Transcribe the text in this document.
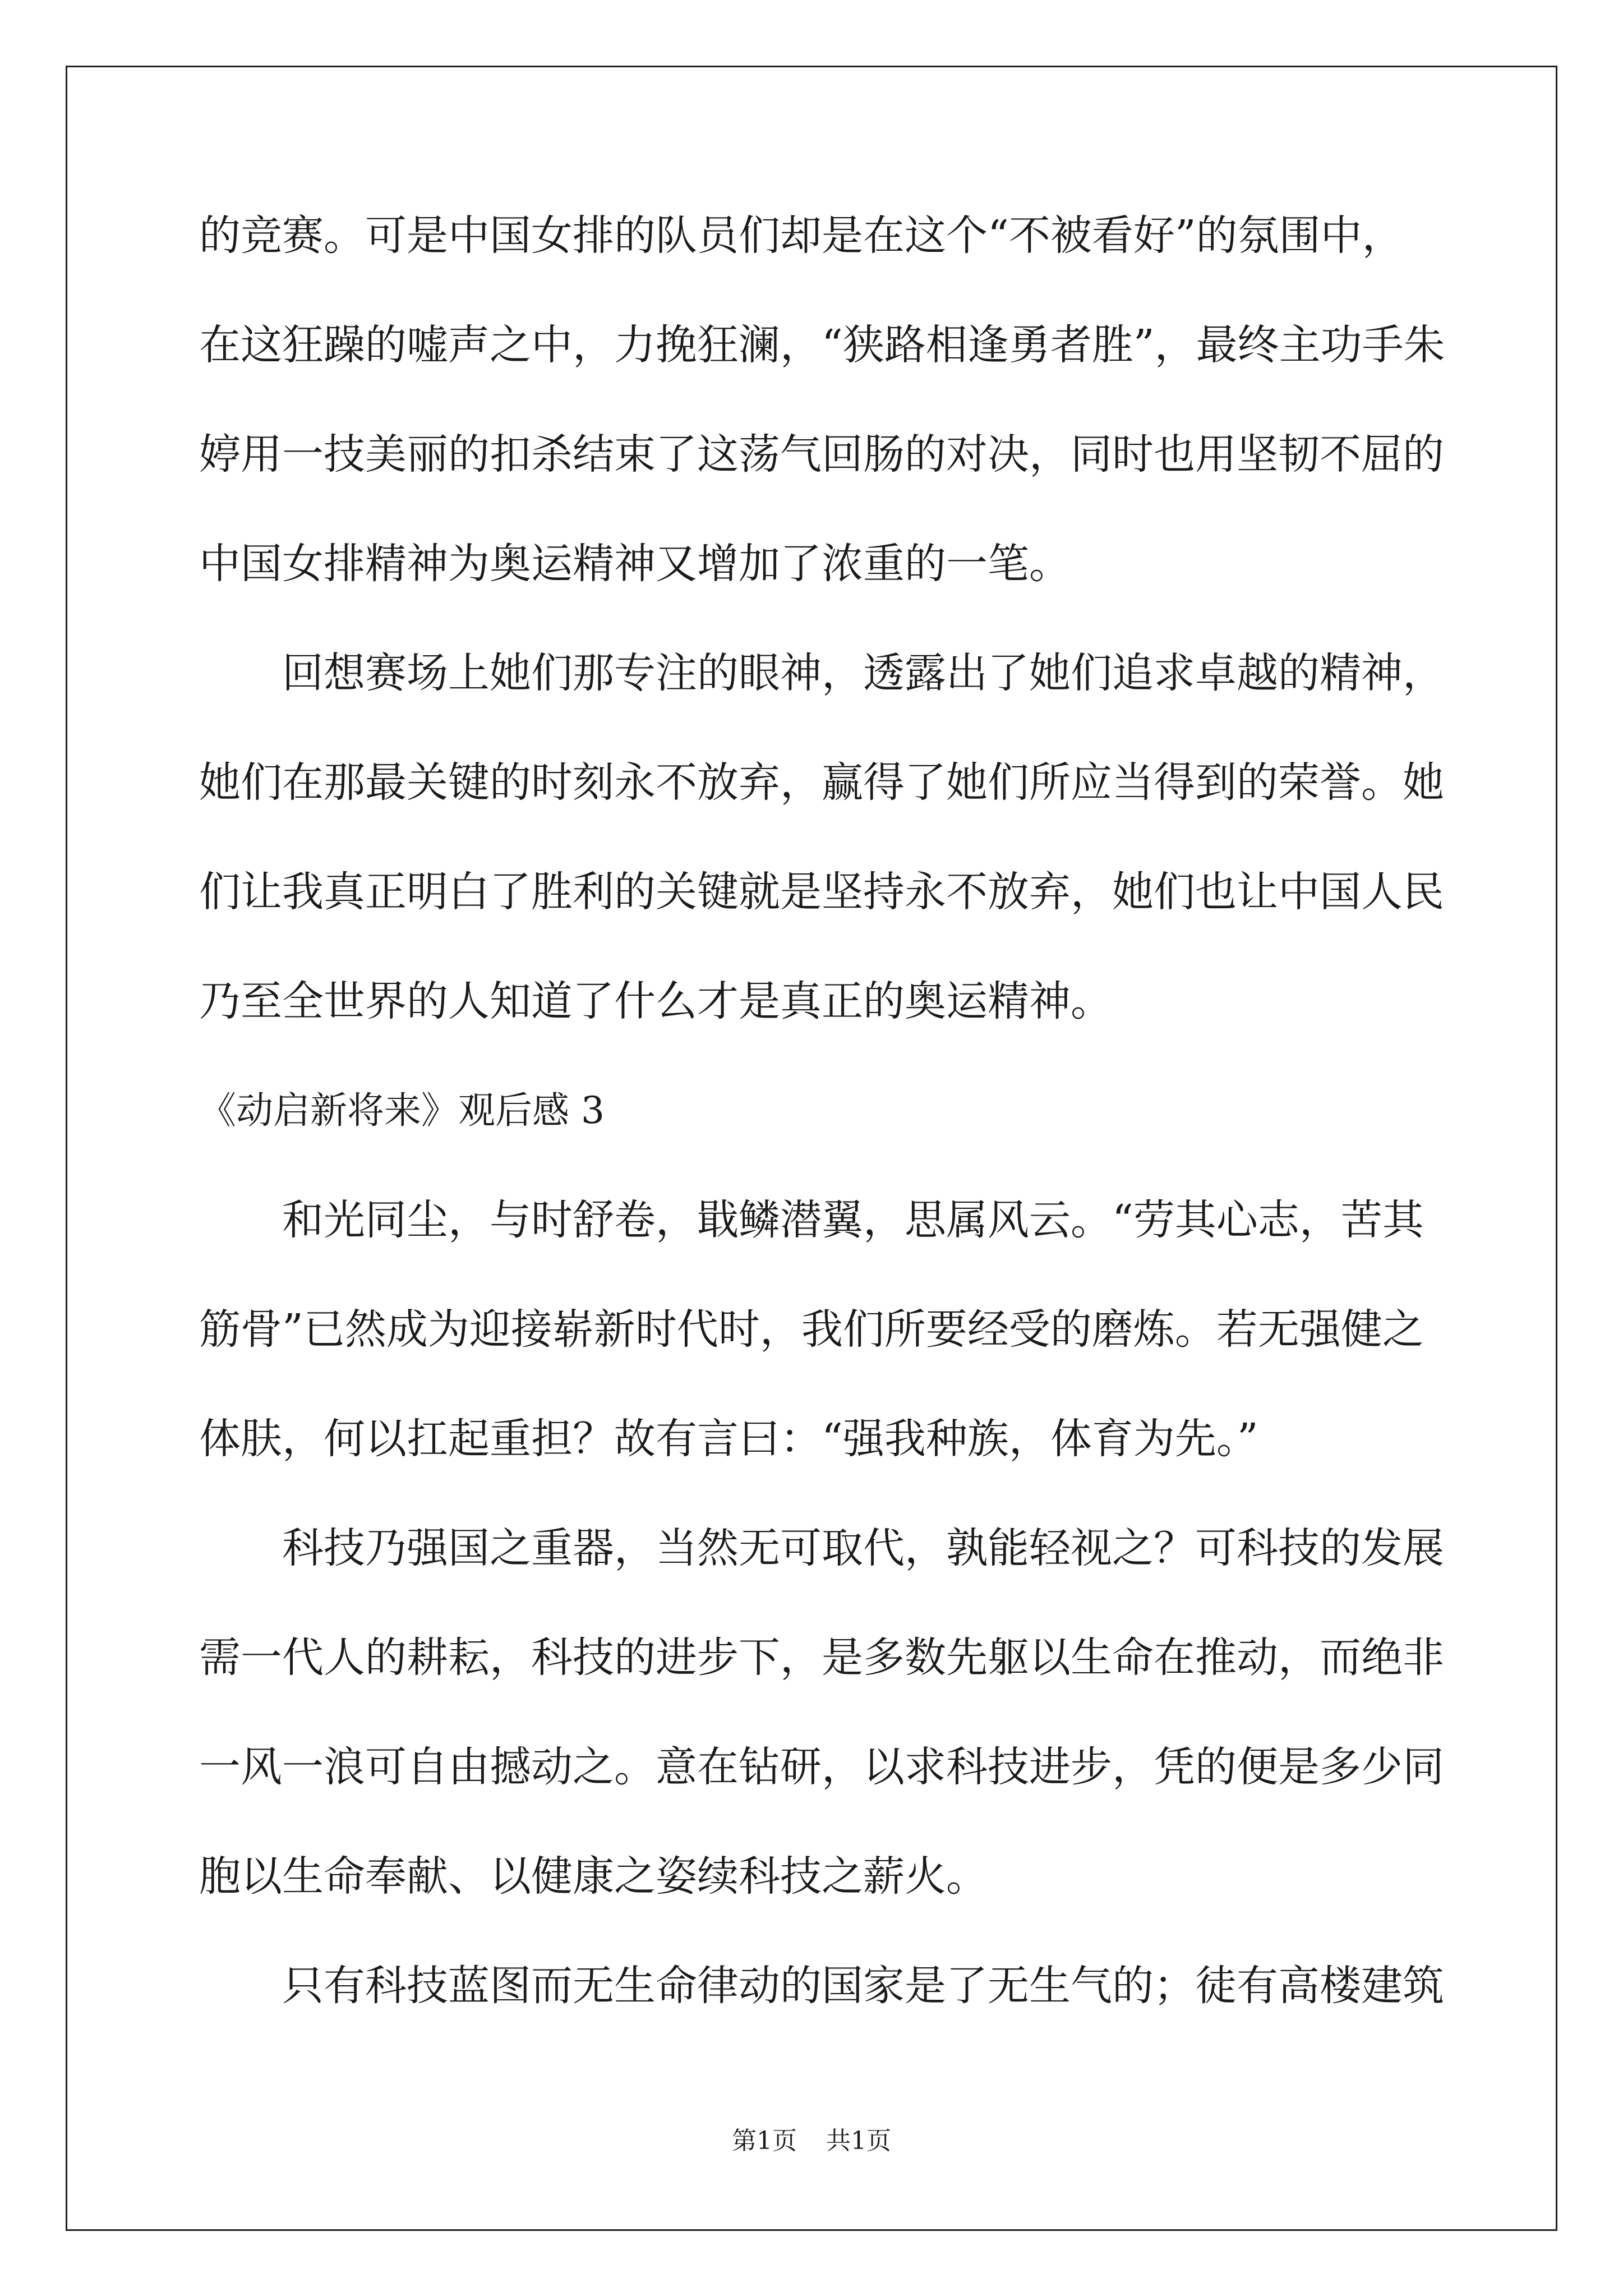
的竞赛。可是中国女排的队员们却是在这个“不被看好”的氛围中，
在这狂躁的嘘声之中，力挽狂澜，“狭路相逢勇者胜”，最终主功手朱
婷用一技美丽的扣杀结束了这荡气回肠的对决，同时也用坚韧不屈的
中国女排精神为奥运精神又增加了浓重的一笔。
回想赛场上她们那专注的眼神，透露出了她们追求卓越的精神，
她们在那最关键的时刻永不放弃，赢得了她们所应当得到的荣誉。她
们让我真正明白了胜利的关键就是坚持永不放弃，她们也让中国人民
乃至全世界的人知道了什么才是真正的奥运精神。
《动启新将来》观后感 3
和光同尘，与时舒卷，戢鳞潜翼，思属风云。“劳其心志，苦其
筋骨”已然成为迎接崭新时代时，我们所要经受的磨炼。若无强健之
体肤，何以扛起重担？故有言曰：“强我种族，体育为先。”
科技乃强国之重器，当然无可取代，孰能轻视之？可科技的发展
需一代人的耕耘，科技的进步下，是多数先躯以生命在推动，而绝非
一风一浪可自由撼动之。意在钻研，以求科技进步，凭的便是多少同
胞以生命奉献、以健康之姿续科技之薪火。
只有科技蓝图而无生命律动的国家是了无生气的；徒有高楼建筑
第1页 共1页
